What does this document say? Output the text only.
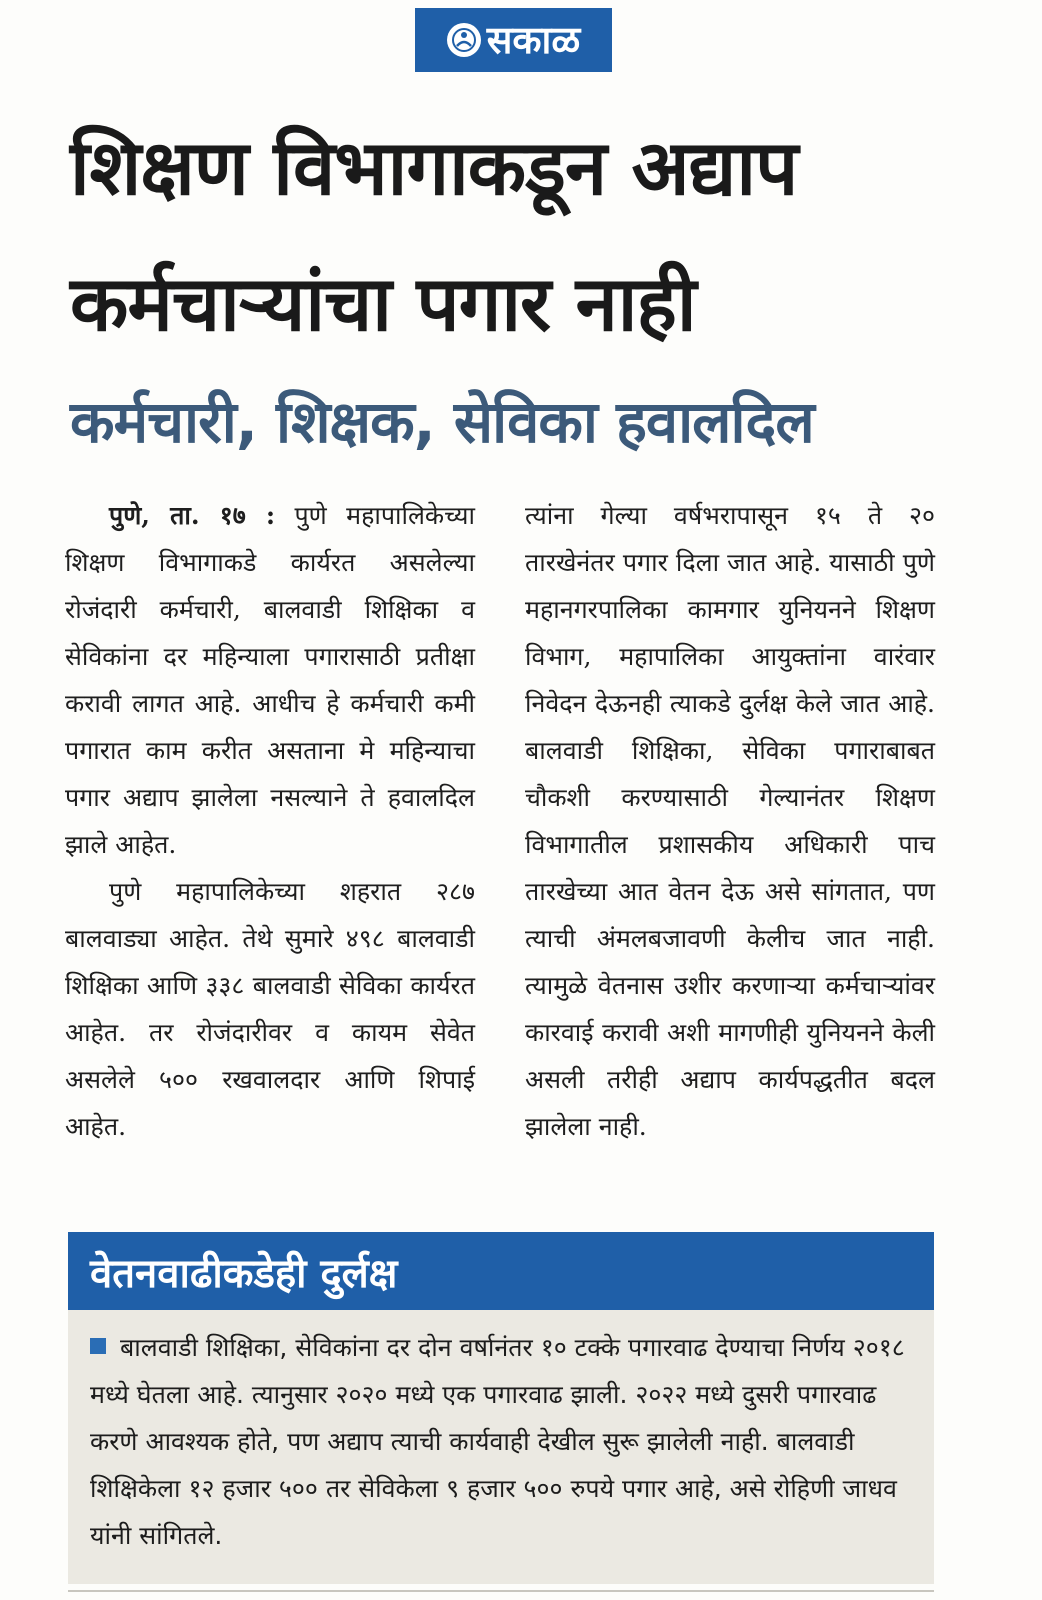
सकाळ
शिक्षण विभागाकडून अद्याप
कर्मचाऱ्यांचा पगार नाही
कर्मचारी, शिक्षक, सेविका हवालदिल

पुणे, ता. १७ : पुणे महापालिकेच्या शिक्षण विभागाकडे कार्यरत असलेल्या रोजंदारी कर्मचारी, बालवाडी शिक्षिका व सेविकांना दर महिन्याला पगारासाठी प्रतीक्षा करावी लागत आहे. आधीच हे कर्मचारी कमी पगारात काम करीत असताना मे महिन्याचा पगार अद्याप झालेला नसल्याने ते हवालदिल झाले आहेत.

पुणे महापालिकेच्या शहरात २८७ बालवाड्या आहेत. तेथे सुमारे ४९८ बालवाडी शिक्षिका आणि ३३८ बालवाडी सेविका कार्यरत आहेत. तर रोजंदारीवर व कायम सेवेत असलेले ५०० रखवालदार आणि शिपाई आहेत.

त्यांना गेल्या वर्षभरापासून १५ ते २० तारखेनंतर पगार दिला जात आहे. यासाठी पुणे महानगरपालिका कामगार युनियनने शिक्षण विभाग, महापालिका आयुक्तांना वारंवार निवेदन देऊनही त्याकडे दुर्लक्ष केले जात आहे. बालवाडी शिक्षिका, सेविका पगाराबाबत चौकशी करण्यासाठी गेल्यानंतर शिक्षण विभागातील प्रशासकीय अधिकारी पाच तारखेच्या आत वेतन देऊ असे सांगतात, पण त्याची अंमलबजावणी केलीच जात नाही. त्यामुळे वेतनास उशीर करणाऱ्या कर्मचाऱ्यांवर कारवाई करावी अशी मागणीही युनियनने केली असली तरीही अद्याप कार्यपद्धतीत बदल झालेला नाही.

वेतनवाढीकडेही दुर्लक्ष
बालवाडी शिक्षिका, सेविकांना दर दोन वर्षानंतर १० टक्के पगारवाढ देण्याचा निर्णय २०१८ मध्ये घेतला आहे. त्यानुसार २०२० मध्ये एक पगारवाढ झाली. २०२२ मध्ये दुसरी पगारवाढ करणे आवश्यक होते, पण अद्याप त्याची कार्यवाही देखील सुरू झालेली नाही. बालवाडी शिक्षिकेला १२ हजार ५०० तर सेविकेला ९ हजार ५०० रुपये पगार आहे, असे रोहिणी जाधव यांनी सांगितले.
